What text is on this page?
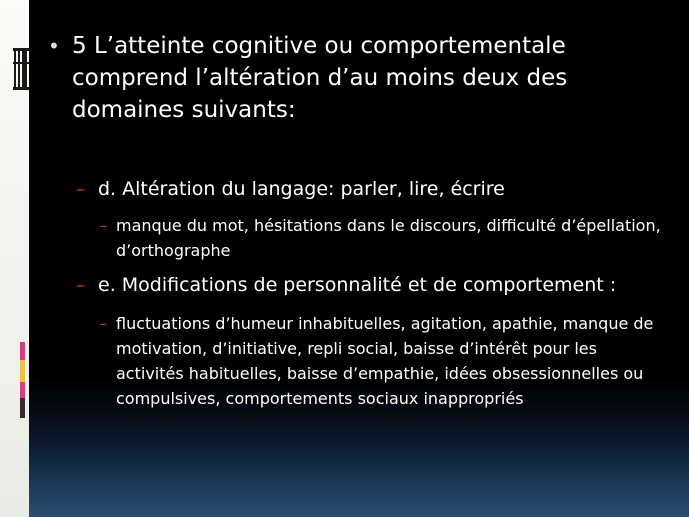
• 5 L’atteinte cognitive ou comportementale comprend l’altération d’au moins deux des domaines suivants:
– d. Altération du langage: parler, lire, écrire
– manque du mot, hésitations dans le discours, difficulté d’épellation, d’orthographe
– e. Modifications de personnalité et de comportement :
– fluctuations d’humeur inhabituelles, agitation, apathie, manque de motivation, d’initiative, repli social, baisse d’intérêt pour les activités habituelles, baisse d’empathie, idées obsessionnelles ou compulsives, comportements sociaux inappropriés
